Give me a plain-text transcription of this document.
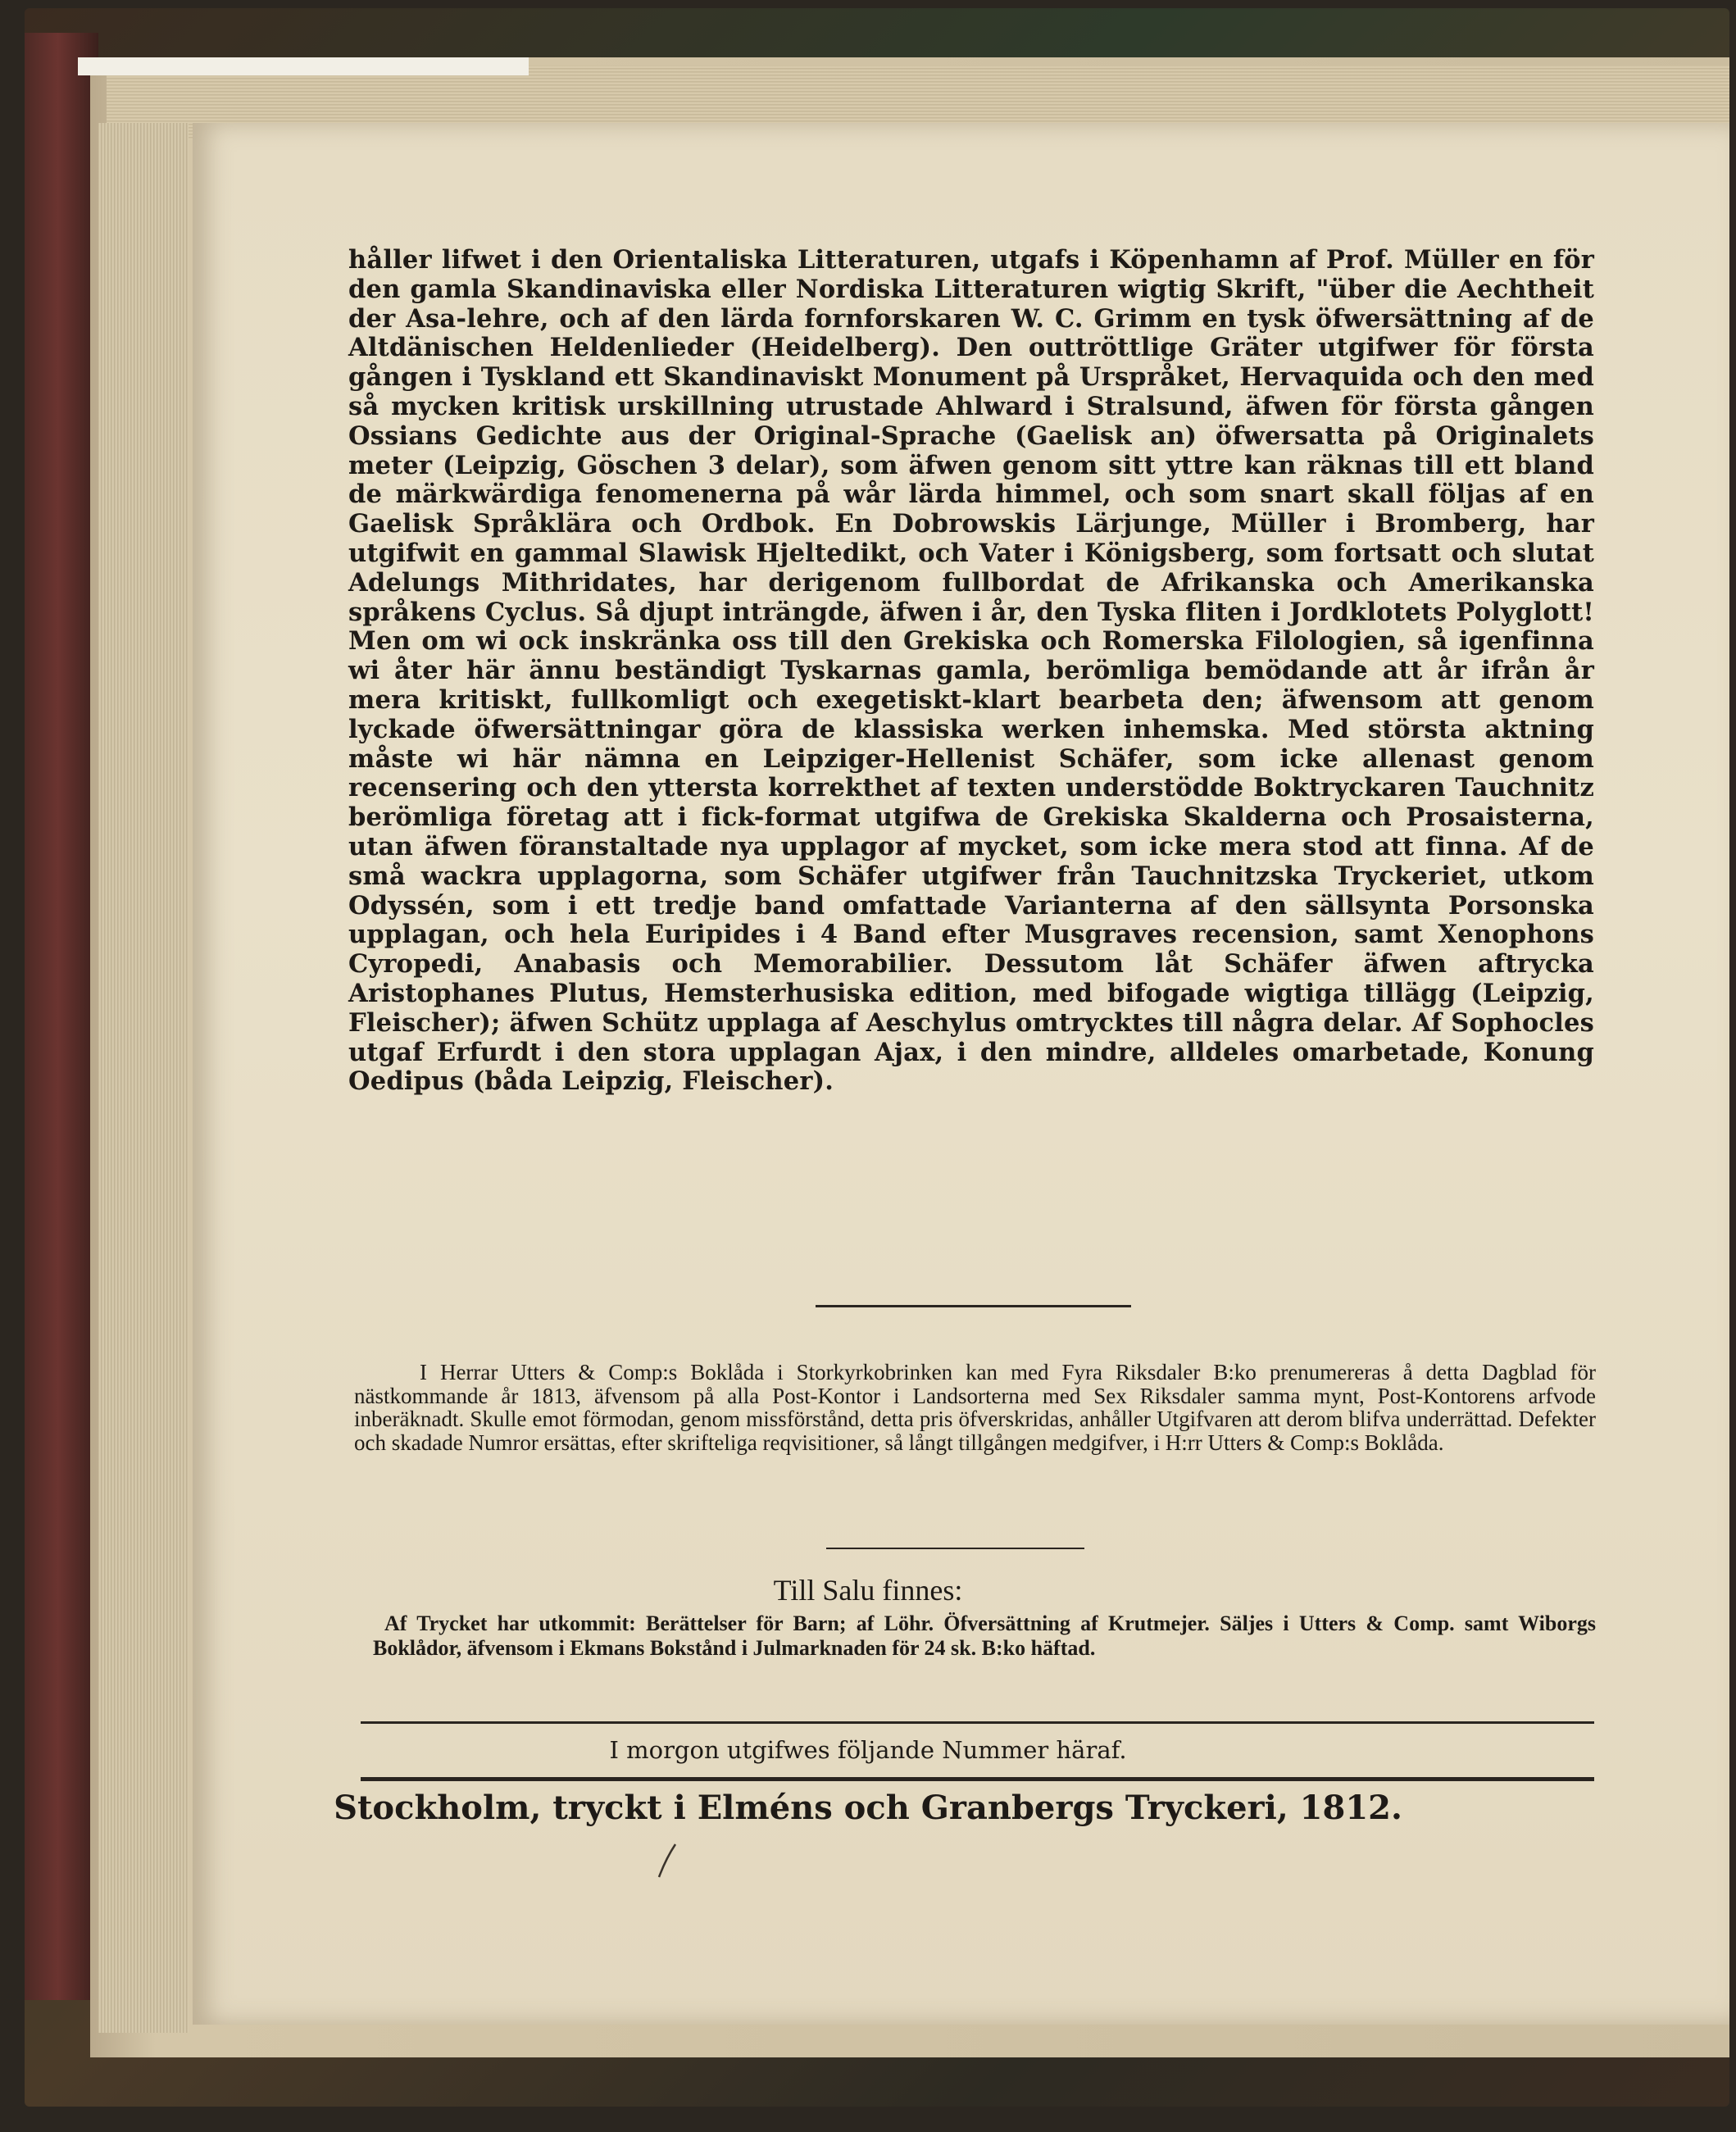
håller lifwet i den Orientaliska Litteraturen, utgafs i Köpenhamn af Prof. Müller en för den gamla Skandinaviska eller Nordiska Litteraturen wigtig Skrift, "über die Aechtheit der Asa-lehre, och af den lärda fornforskaren W. C. Grimm en tysk öfwersättning af de Altdänischen Heldenlieder (Heidelberg). Den outtröttlige Gräter utgifwer för första gången i Tyskland ett Skandinaviskt Monument på Urspråket, Hervaquida och den med så mycken kritisk urskillning utrustade Ahlward i Stralsund, äfwen för första gången Ossians Gedichte aus der Original-Sprache (Gaelisk an) öfwersatta på Originalets meter (Leipzig, Göschen 3 delar), som äfwen genom sitt yttre kan räknas till ett bland de märkwärdiga fenomenerna på wår lärda himmel, och som snart skall följas af en Gaelisk Språklära och Ordbok. En Dobrowskis Lärjunge, Müller i Bromberg, har utgifwit en gammal Slawisk Hjeltedikt, och Vater i Königsberg, som fortsatt och slutat Adelungs Mithridates, har derigenom fullbordat de Afrikanska och Amerikanska språkens Cyclus. Så djupt inträngde, äfwen i år, den Tyska fliten i Jordklotets Polyglott! Men om wi ock inskränka oss till den Grekiska och Romerska Filologien, så igenfinna wi åter här ännu beständigt Tyskarnas gamla, berömliga bemödande att år ifrån år mera kritiskt, fullkomligt och exegetiskt-klart bearbeta den; äfwensom att genom lyckade öfwersättningar göra de klassiska werken inhemska. Med största aktning måste wi här nämna en Leipziger-Hellenist Schäfer, som icke allenast genom recensering och den yttersta korrekthet af texten understödde Boktryckaren Tauchnitz berömliga företag att i fick-format utgifwa de Grekiska Skalderna och Prosaisterna, utan äfwen föranstaltade nya upplagor af mycket, som icke mera stod att finna. Af de små wackra upplagorna, som Schäfer utgifwer från Tauchnitzska Tryckeriet, utkom Odyssén, som i ett tredje band omfattade Varianterna af den sällsynta Porsonska upplagan, och hela Euripides i 4 Band efter Musgraves recension, samt Xenophons Cyropedi, Anabasis och Memorabilier. Dessutom låt Schäfer äfwen aftrycka Aristophanes Plutus, Hemsterhusiska edition, med bifogade wigtiga tillägg (Leipzig, Fleischer); äfwen Schütz upplaga af Aeschylus omtrycktes till några delar. Af Sophocles utgaf Erfurdt i den stora upplagan Ajax, i den mindre, alldeles omarbetade, Konung Oedipus (båda Leipzig, Fleischer).

I Herrar Utters & Comp:s Boklåda i Storkyrkobrinken kan med Fyra Riksdaler B:ko prenumereras å detta Dagblad för nästkommande år 1813, äfvensom på alla Post-Kontor i Landsorterna med Sex Riksdaler samma mynt, Post-Kontorens arfvode inberäknadt. Skulle emot förmodan, genom missförstånd, detta pris öfverskridas, anhåller Utgifvaren att derom blifva underrättad. Defekter och skadade Numror ersättas, efter skrifteliga reqvisitioner, så långt tillgången medgifver, i H:rr Utters & Comp:s Boklåda.

Till Salu finnes:

Af Trycket har utkommit: Berättelser för Barn; af Löhr. Öfversättning af Krutmejer. Säljes i Utters & Comp. samt Wiborgs Boklådor, äfvensom i Ekmans Bokstånd i Julmarknaden för 24 sk. B:ko häftad.

I morgon utgifwes följande Nummer häraf.
Stockholm, tryckt i Elméns och Granbergs Tryckeri, 1812.
